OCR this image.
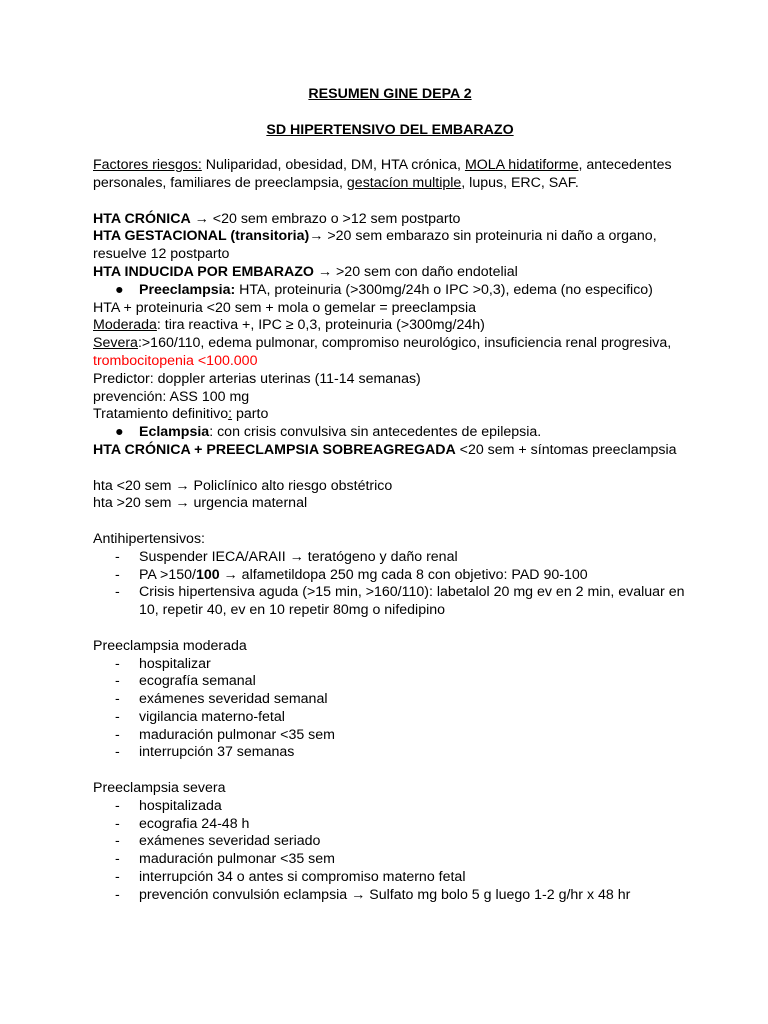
RESUMEN GINE DEPA 2
SD HIPERTENSIVO DEL EMBARAZO
Factores riesgos: Nuliparidad, obesidad, DM, HTA crónica, MOLA hidatiforme, antecedentes personales, familiares de preeclampsia, gestacíon multiple, lupus, ERC, SAF.
HTA CRÓNICA → <20 sem embrazo o >12 sem postparto
HTA GESTACIONAL (transitoria)→ >20 sem embarazo sin proteinuria ni daño a organo, resuelve 12 postparto
HTA INDUCIDA POR EMBARAZO → >20 sem con daño endotelial
● Preeclampsia: HTA, proteinuria (>300mg/24h o IPC >0,3), edema (no especifico)
HTA + proteinuria <20 sem + mola o gemelar = preeclampsia
Moderada: tira reactiva +, IPC ≥ 0,3, proteinuria (>300mg/24h)
Severa:>160/110, edema pulmonar, compromiso neurológico, insuficiencia renal progresiva, trombocitopenia <100.000
Predictor: doppler arterias uterinas (11-14 semanas)
prevención: ASS 100 mg
Tratamiento definitivo: parto
● Eclampsia: con crisis convulsiva sin antecedentes de epilepsia.
HTA CRÓNICA + PREECLAMPSIA SOBREAGREGADA <20 sem + síntomas preeclampsia
hta <20 sem → Policlínico alto riesgo obstétrico
hta >20 sem → urgencia maternal
Antihipertensivos:
- Suspender IECA/ARAII → teratógeno y daño renal
- PA >150/100 → alfametildopa 250 mg cada 8 con objetivo: PAD 90-100
- Crisis hipertensiva aguda (>15 min, >160/110): labetalol 20 mg ev en 2 min, evaluar en 10, repetir 40, ev en 10 repetir 80mg o nifedipino
Preeclampsia moderada
- hospitalizar
- ecografía semanal
- exámenes severidad semanal
- vigilancia materno-fetal
- maduración pulmonar <35 sem
- interrupción 37 semanas
Preeclampsia severa
- hospitalizada
- ecografia 24-48 h
- exámenes severidad seriado
- maduración pulmonar <35 sem
- interrupción 34 o antes si compromiso materno fetal
- prevención convulsión eclampsia → Sulfato mg bolo 5 g luego 1-2 g/hr x 48 hr
